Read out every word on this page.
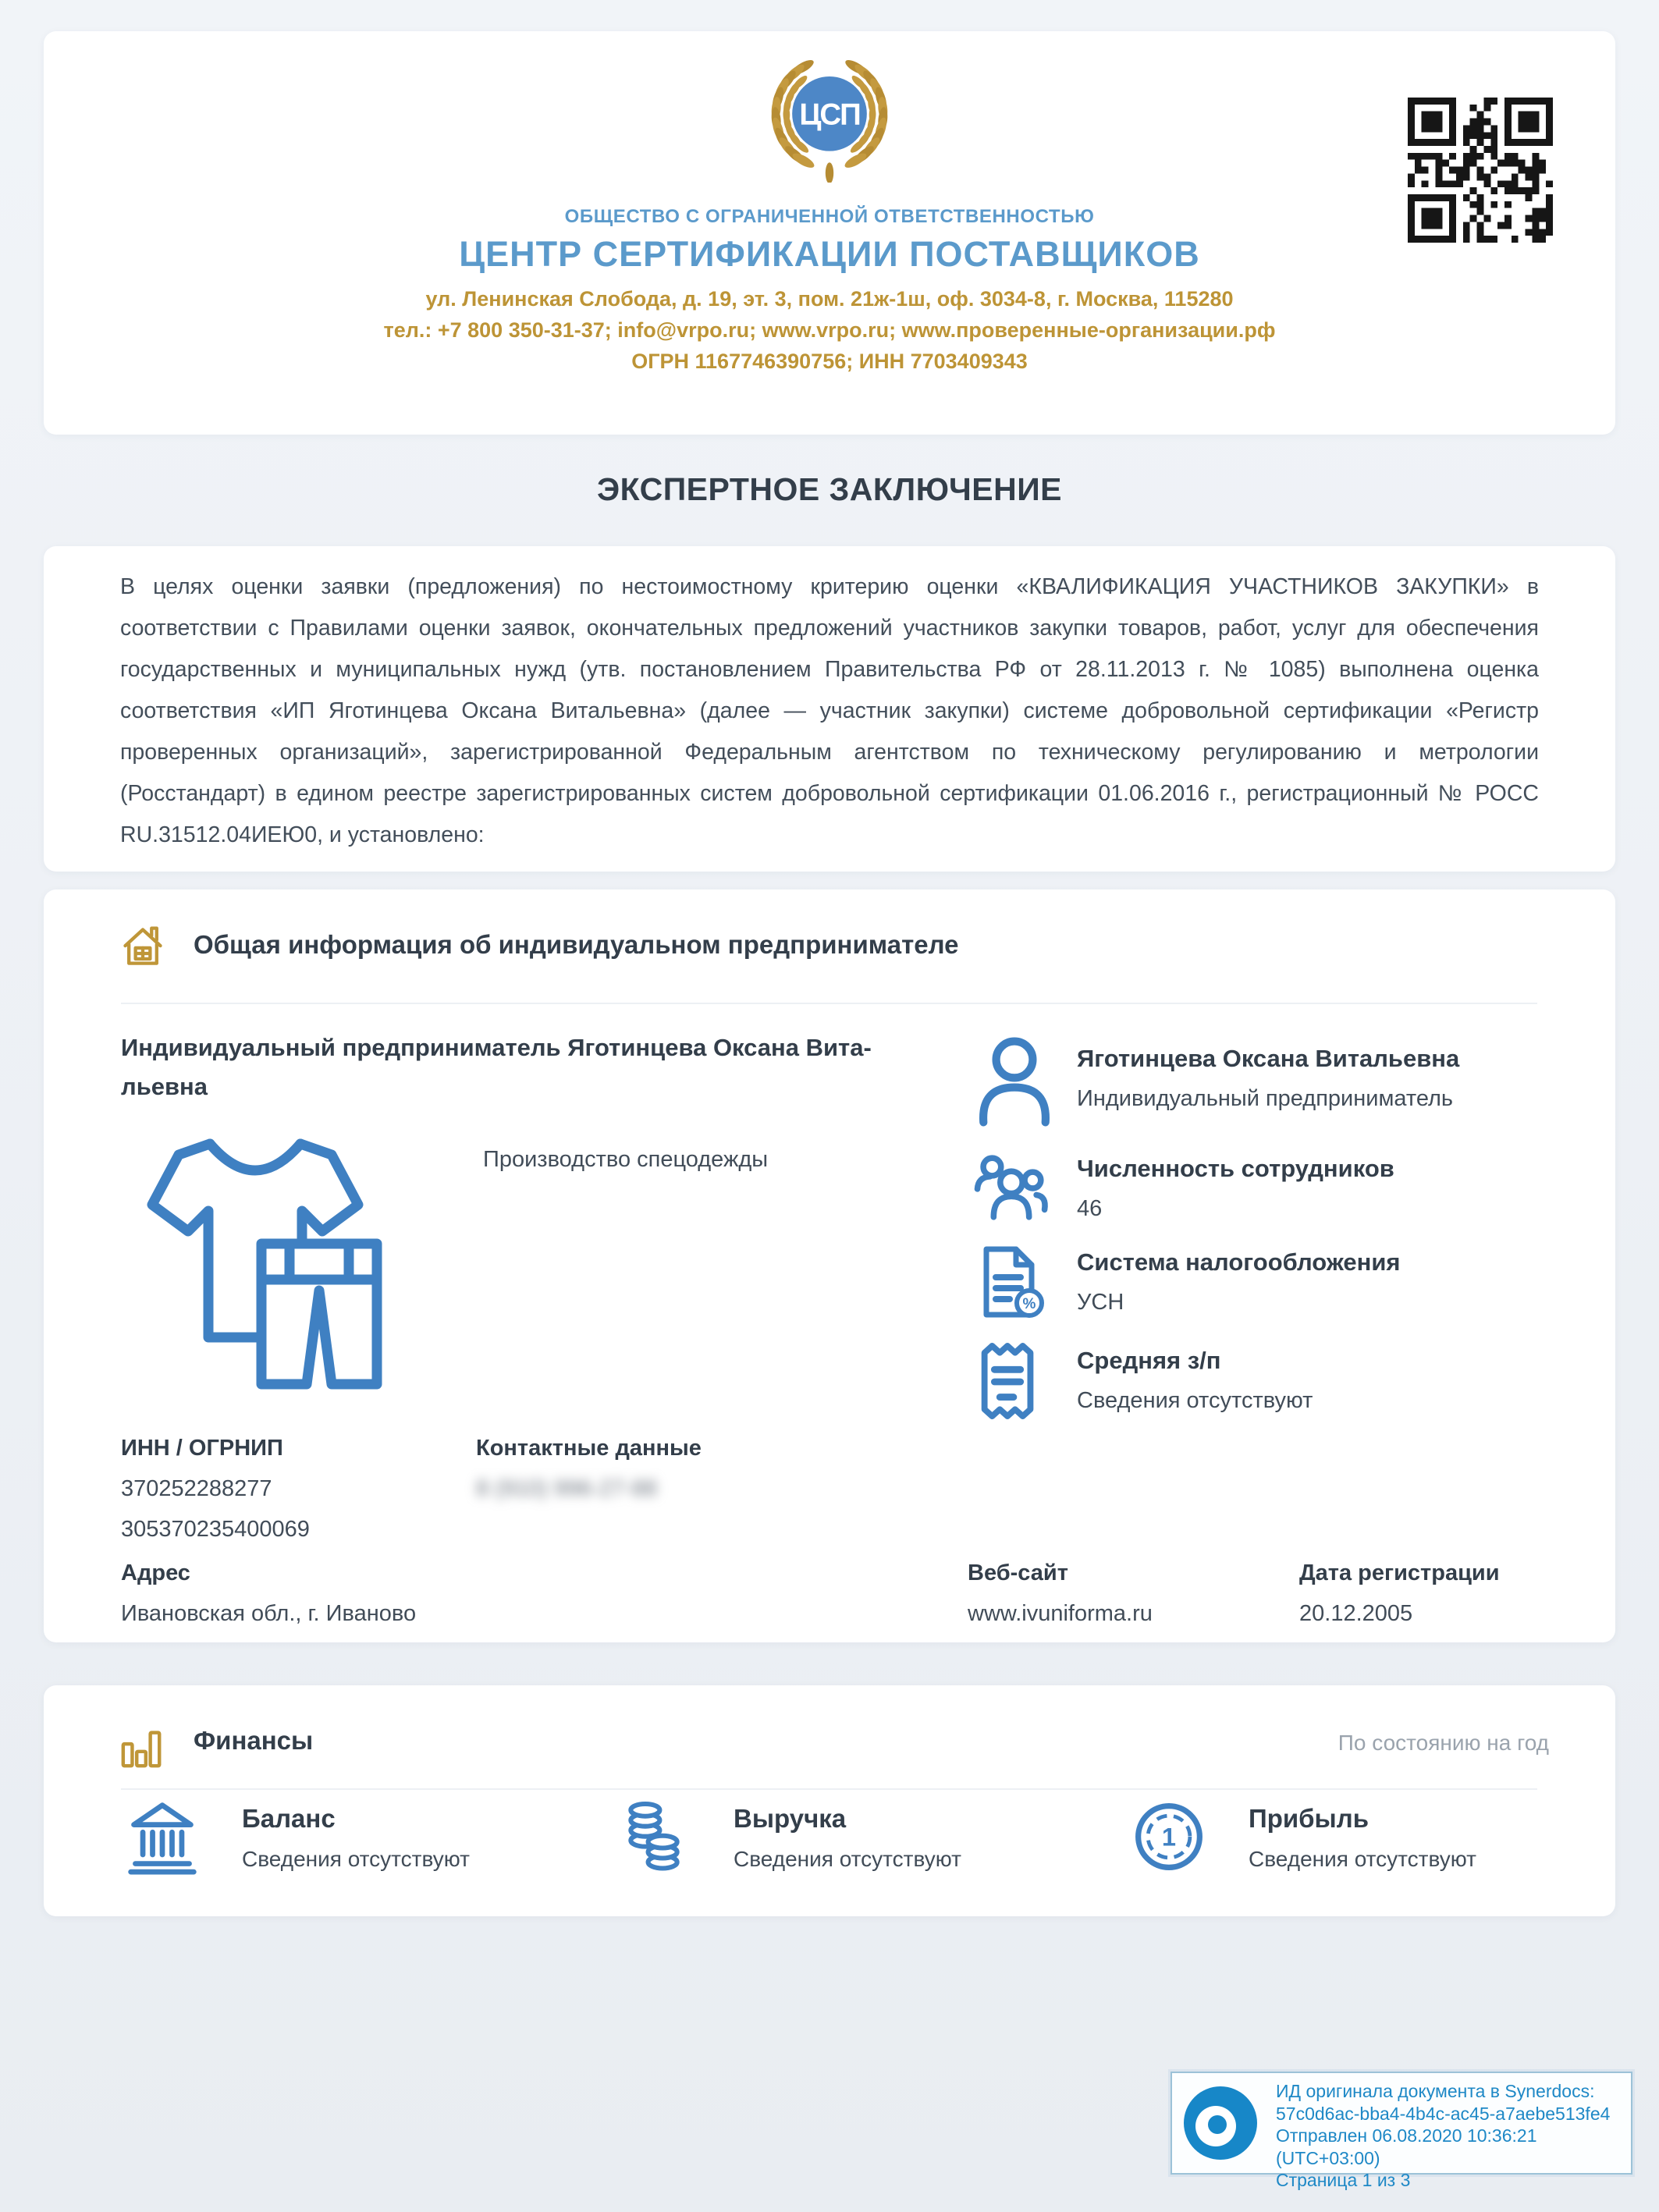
ЦСП
ОБЩЕСТВО С ОГРАНИЧЕННОЙ ОТВЕТСТВЕННОСТЬЮ
ЦЕНТР СЕРТИФИКАЦИИ ПОСТАВЩИКОВ
ул. Ленинская Слобода, д. 19, эт. 3, пом. 21ж-1ш, оф. 3034-8, г. Москва, 115280
тел.: +7 800 350-31-37; info@vrpo.ru; www.vrpo.ru; www.проверенные-организации.рф
ОГРН 1167746390756; ИНН 7703409343
ЭКСПЕРТНОЕ ЗАКЛЮЧЕНИЕ

В целях оценки заявки (предложения) по нестоимостному критерию оценки «КВАЛИФИКАЦИЯ УЧАСТНИКОВ ЗАКУПКИ» в соответствии с Правилами оценки заявок, окончательных предложений участников закупки товаров, работ, услуг для обеспечения государственных и муниципальных нужд (утв. постановлением Правительства РФ от 28.11.2013 г. № 1085) выполнена оценка соответствия «ИП Яготинцева Оксана Витальевна» (далее — участник закупки) системе добровольной сертификации «Регистр проверенных организаций», зарегистрированной Федеральным агентством по техническому регулированию и метрологии (Росстандарт) в едином реестре зарегистрированных систем добровольной сертификации 01.06.2016 г., регистрационный № РОСС RU.31512.04ИЕЮ0, и установлено:

Общая информация об индивидуальном предпринимателе
Индивидуальный предприниматель Яготинцева Оксана Витальевна
Производство спецодежды
ИНН / ОГРНИП
370252288277
305370235400069
Контактные данные
8 (910) 996-27-88
Яготинцева Оксана Витальевна
Индивидуальный предприниматель
Численность сотрудников
46
%
Система налогообложения
УСН
Средняя з/п
Сведения отсутствуют
Адрес
Ивановская обл., г. Иваново
Веб-сайт
www.ivuniforma.ru
Дата регистрации
20.12.2005
Финансы	По состоянию на год
Баланс
Сведения отсутствуют
Выручка
Сведения отсутствуют
1
Прибыль
Сведения отсутствуют
ИД оригинала документа в Synerdocs:
57c0d6ac-bba4-4b4c-ac45-a7aebe513fe4
Отправлен 06.08.2020 10:36:21 (UTC+03:00)
Страница 1 из 3
